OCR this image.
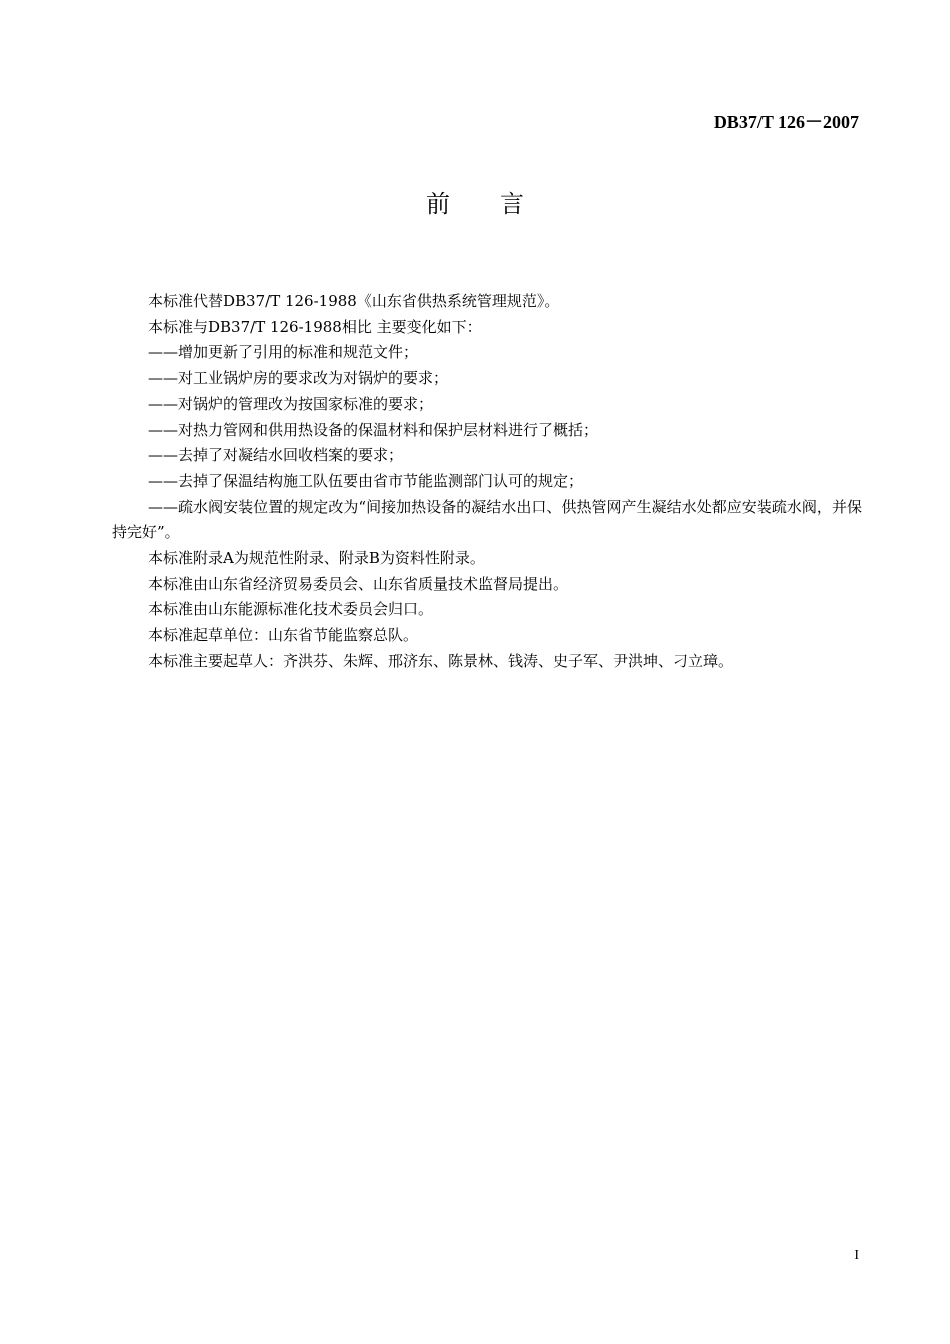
DB37/T 126－2007
前言

本标准代替DB37/T 126-1988《山东省供热系统管理规范》。

本标准与DB37/T 126-1988相比 主要变化如下：

——增加更新了引用的标准和规范文件；

——对工业锅炉房的要求改为对锅炉的要求；

——对锅炉的管理改为按国家标准的要求；

——对热力管网和供用热设备的保温材料和保护层材料进行了概括；

——去掉了对凝结水回收档案的要求；

——去掉了保温结构施工队伍要由省市节能监测部门认可的规定；

——疏水阀安装位置的规定改为“间接加热设备的凝结水出口、供热管网产生凝结水处都应安装疏水阀，并保持完好”。

本标准附录A为规范性附录、附录B为资料性附录。

本标准由山东省经济贸易委员会、山东省质量技术监督局提出。

本标准由山东能源标准化技术委员会归口。

本标准起草单位：山东省节能监察总队。

本标准主要起草人：齐洪芬、朱辉、邢济东、陈景林、钱涛、史子军、尹洪坤、刁立璋。

I
